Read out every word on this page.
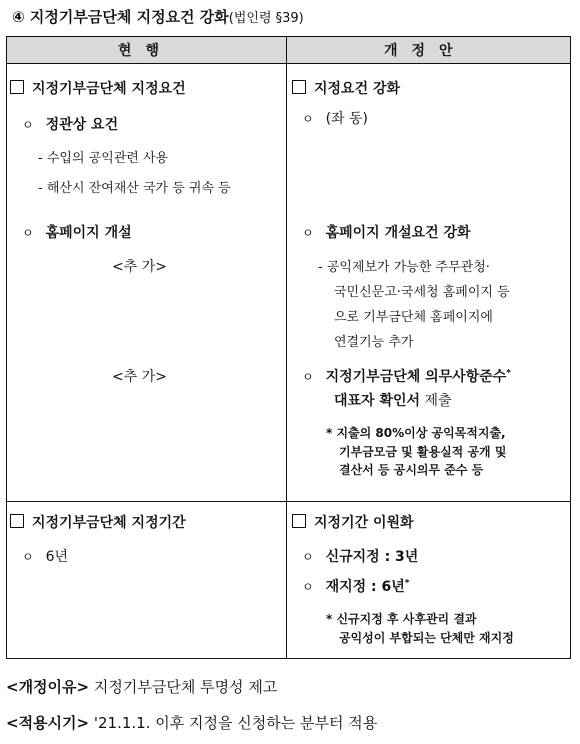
④ 지정기부금단체 지정요건 강화(법인령 §39)
현행	개정안
지정기부금단체 지정요건
ㅇ 정관상 요건
- 수입의 공익관련 사용
- 해산시 잔여재산 국가 등 귀속 등
ㅇ 홈페이지 개설
<추 가>
<추 가>
지정기부금단체 지정기간
ㅇ 6년
지정요건 강화
ㅇ (좌 동)
ㅇ 홈페이지 개설요건 강화
- 공익제보가 가능한 주무관청·
국민신문고·국세청 홈페이지 등
으로 기부금단체 홈페이지에
연결기능 추가
ㅇ 지정기부금단체 의무사항준수*
대표자 확인서 제출
* 지출의 80%이상 공익목적지출,
기부금모금 및 활용실적 공개 및
결산서 등 공시의무 준수 등
지정기간 이원화
ㅇ 신규지정 : 3년
ㅇ 재지정 : 6년*
* 신규지정 후 사후관리 결과
공익성이 부합되는 단체만 재지정
<개정이유> 지정기부금단체 투명성 제고
<적용시기> '21.1.1. 이후 지정을 신청하는 분부터 적용
